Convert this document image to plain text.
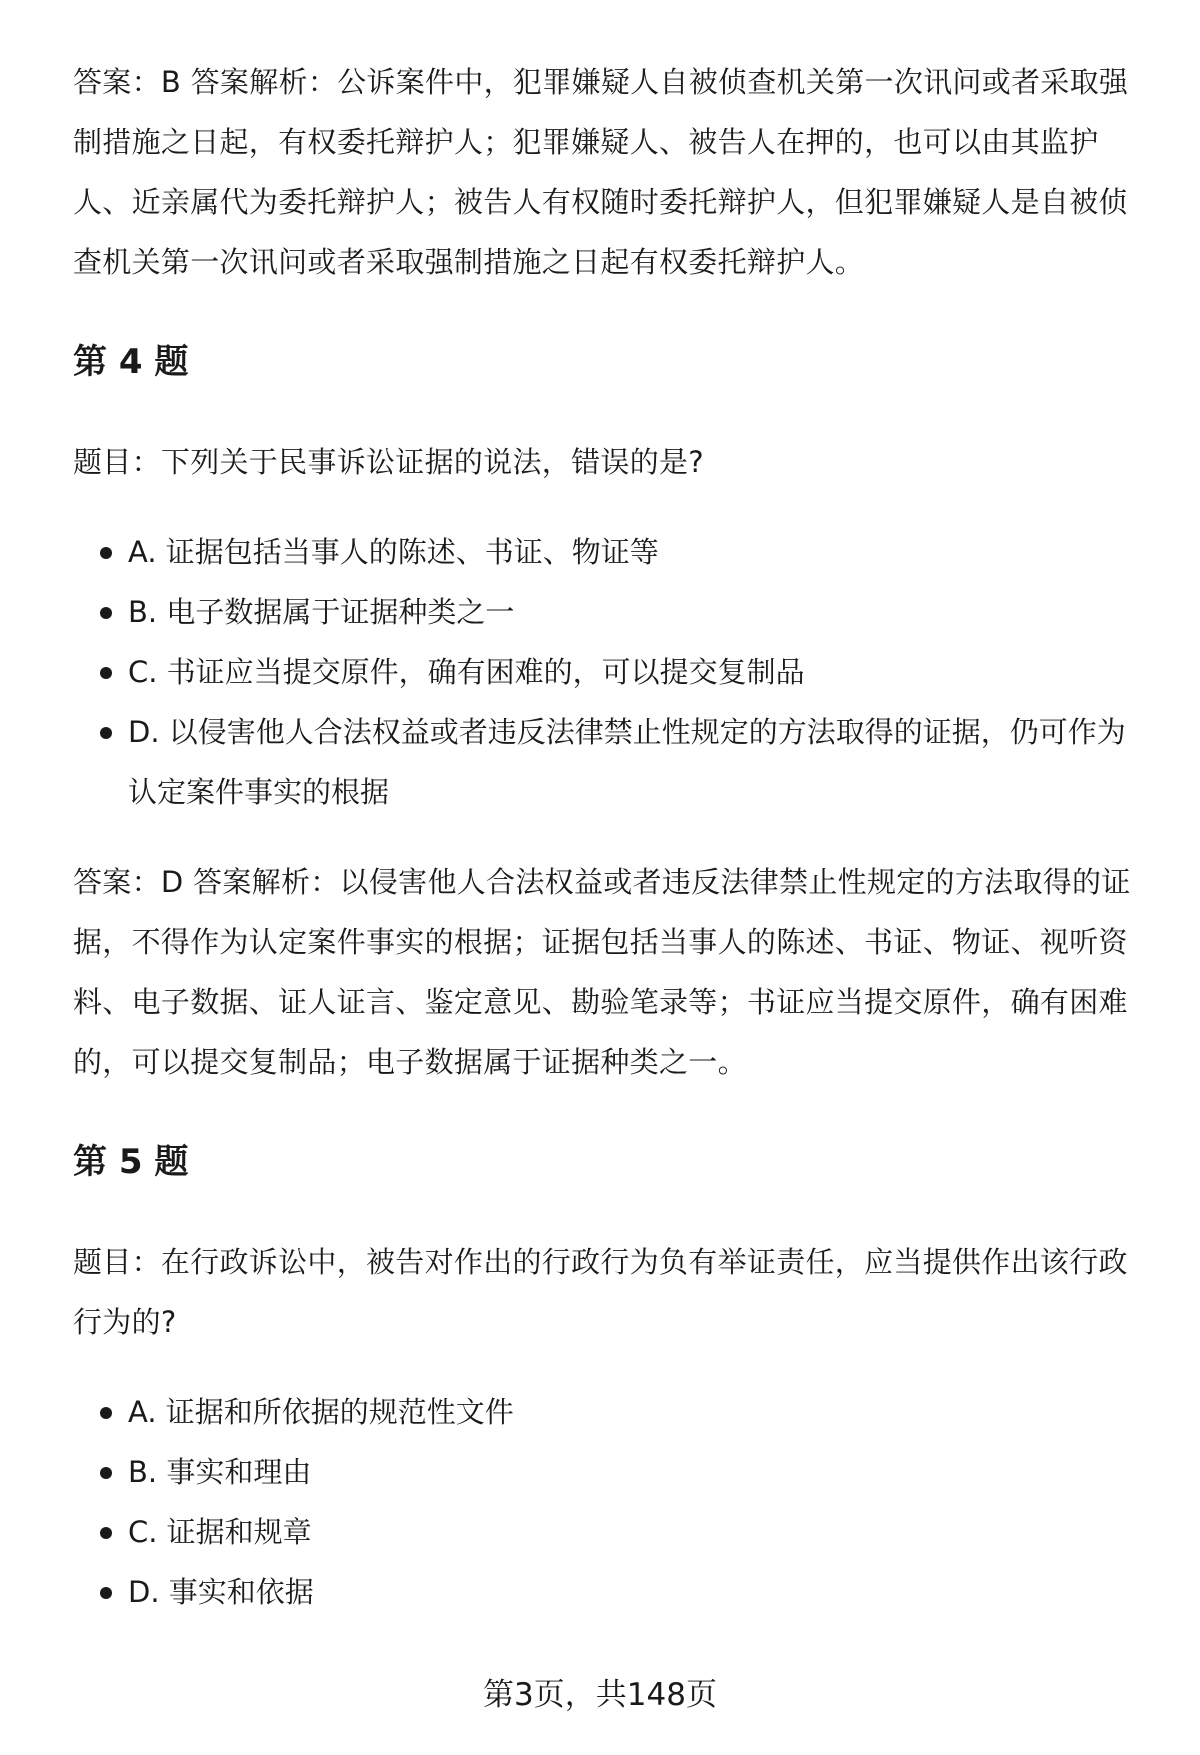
答案：B 答案解析：公诉案件中，犯罪嫌疑人自被侦查机关第一次讯问或者采取强制措施之日起，有权委托辩护人；犯罪嫌疑人、被告人在押的，也可以由其监护人、近亲属代为委托辩护人；被告人有权随时委托辩护人，但犯罪嫌疑人是自被侦查机关第一次讯问或者采取强制措施之日起有权委托辩护人。

第 4 题

题目：下列关于民事诉讼证据的说法，错误的是?

A. 证据包括当事人的陈述、书证、物证等
B. 电子数据属于证据种类之一
C. 书证应当提交原件，确有困难的，可以提交复制品
D. 以侵害他人合法权益或者违反法律禁止性规定的方法取得的证据，仍可作为认定案件事实的根据

答案：D 答案解析：以侵害他人合法权益或者违反法律禁止性规定的方法取得的证据，不得作为认定案件事实的根据；证据包括当事人的陈述、书证、物证、视听资料、电子数据、证人证言、鉴定意见、勘验笔录等；书证应当提交原件，确有困难的，可以提交复制品；电子数据属于证据种类之一。

第 5 题

题目：在行政诉讼中，被告对作出的行政行为负有举证责任，应当提供作出该行政行为的?

A. 证据和所依据的规范性文件
B. 事实和理由
C. 证据和规章
D. 事实和依据
第3页，共148页
